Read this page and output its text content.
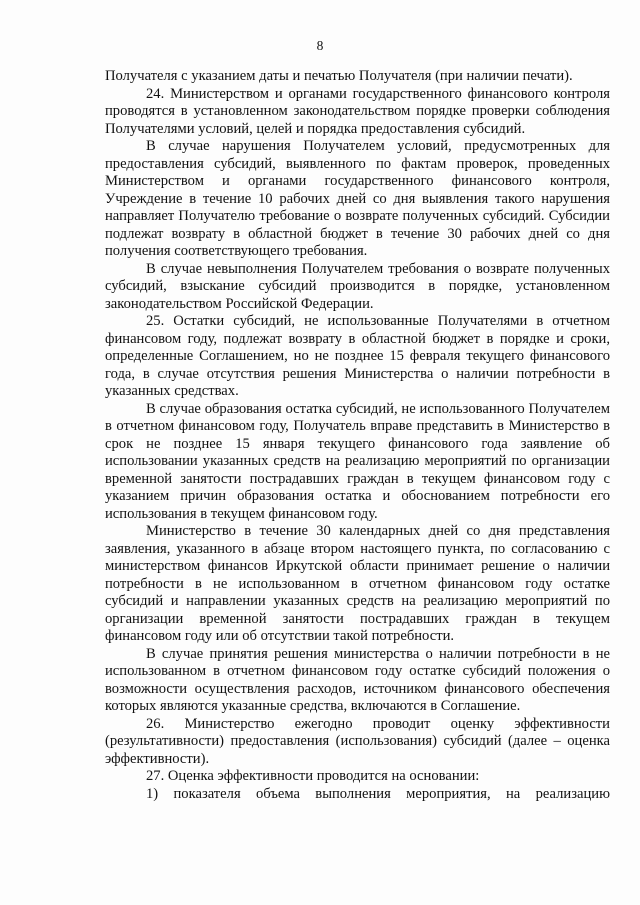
8

Получателя с указанием даты и печатью Получателя (при наличии печати).

24. Министерством и органами государственного финансового контроля проводятся в установленном законодательством порядке проверки соблюдения Получателями условий, целей и порядка предоставления субсидий.

В случае нарушения Получателем условий, предусмотренных для предоставления субсидий, выявленного по фактам проверок, проведенных Министерством и органами государственного финансового контроля, Учреждение в течение 10 рабочих дней со дня выявления такого нарушения направляет Получателю требование о возврате полученных субсидий. Субсидии подлежат возврату в областной бюджет в течение 30 рабочих дней со дня получения соответствующего требования.

В случае невыполнения Получателем требования о возврате полученных субсидий, взыскание субсидий производится в порядке, установленном законодательством Российской Федерации.

25. Остатки субсидий, не использованные Получателями в отчетном финансовом году, подлежат возврату в областной бюджет в порядке и сроки, определенные Соглашением, но не позднее 15 февраля текущего финансового года, в случае отсутствия решения Министерства о наличии потребности в указанных средствах.

В случае образования остатка субсидий, не использованного Получателем в отчетном финансовом году, Получатель вправе представить в Министерство в срок не позднее 15 января текущего финансового года заявление об использовании указанных средств на реализацию мероприятий по организации временной занятости пострадавших граждан в текущем финансовом году с указанием причин образования остатка и обоснованием потребности его использования в текущем финансовом году.

Министерство в течение 30 календарных дней со дня представления заявления, указанного в абзаце втором настоящего пункта, по согласованию с министерством финансов Иркутской области принимает решение о наличии потребности в не использованном в отчетном финансовом году остатке субсидий и направлении указанных средств на реализацию мероприятий по организации временной занятости пострадавших граждан в текущем финансовом году или об отсутствии такой потребности.

В случае принятия решения министерства о наличии потребности в не использованном в отчетном финансовом году остатке субсидий положения о возможности осуществления расходов, источником финансового обеспечения которых являются указанные средства, включаются в Соглашение.

26. Министерство ежегодно проводит оценку эффективности (результативности) предоставления (использования) субсидий (далее – оценка эффективности).

27. Оценка эффективности проводится на основании:

1) показателя объема выполнения мероприятия, на реализацию
